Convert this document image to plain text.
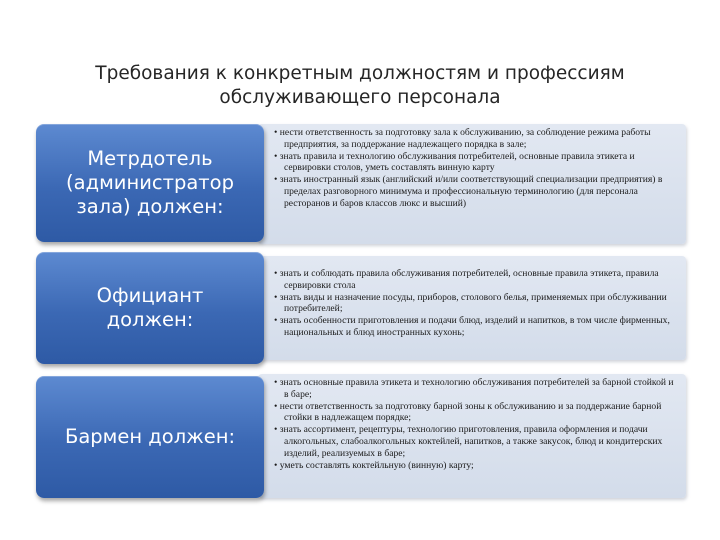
Требования к конкретным должностям и профессиям
обслуживающего персонала
• нести ответственность за подготовку зала к обслуживанию, за соблюдение режима работы предприятия, за поддержание надлежащего порядка в зале;
• знать правила и технологию обслуживания потребителей, основные правила этикета и сервировки столов, уметь составлять винную карту
• знать иностранный язык (английский и/или соответствующий специализации предприятия) в пределах разговорного минимума и профессиональную терминологию (для персонала ресторанов и баров классов люкс и высший)
Метрдотель
(администратор
зала) должен:
• знать и соблюдать правила обслуживания потребителей, основные правила этикета, правила сервировки стола
• знать виды и назначение посуды, приборов, столового белья, применяемых при обслуживании потребителей;
• знать особенности приготовления и подачи блюд, изделий и напитков, в том числе фирменных, национальных и блюд иностранных кухонь;
Официант
должен:
• знать основные правила этикета и технологию обслуживания потребителей за барной стойкой и в баре;
• нести ответственность за подготовку барной зоны к обслуживанию и за поддержание барной стойки в надлежащем порядке;
• знать ассортимент, рецептуры, технологию приготовления, правила оформления и подачи алкогольных, слабоалкогольных коктейлей, напитков, а также закусок, блюд и кондитерских изделий, реализуемых в баре;
• уметь составлять коктейльную (винную) карту;
Бармен должен:
